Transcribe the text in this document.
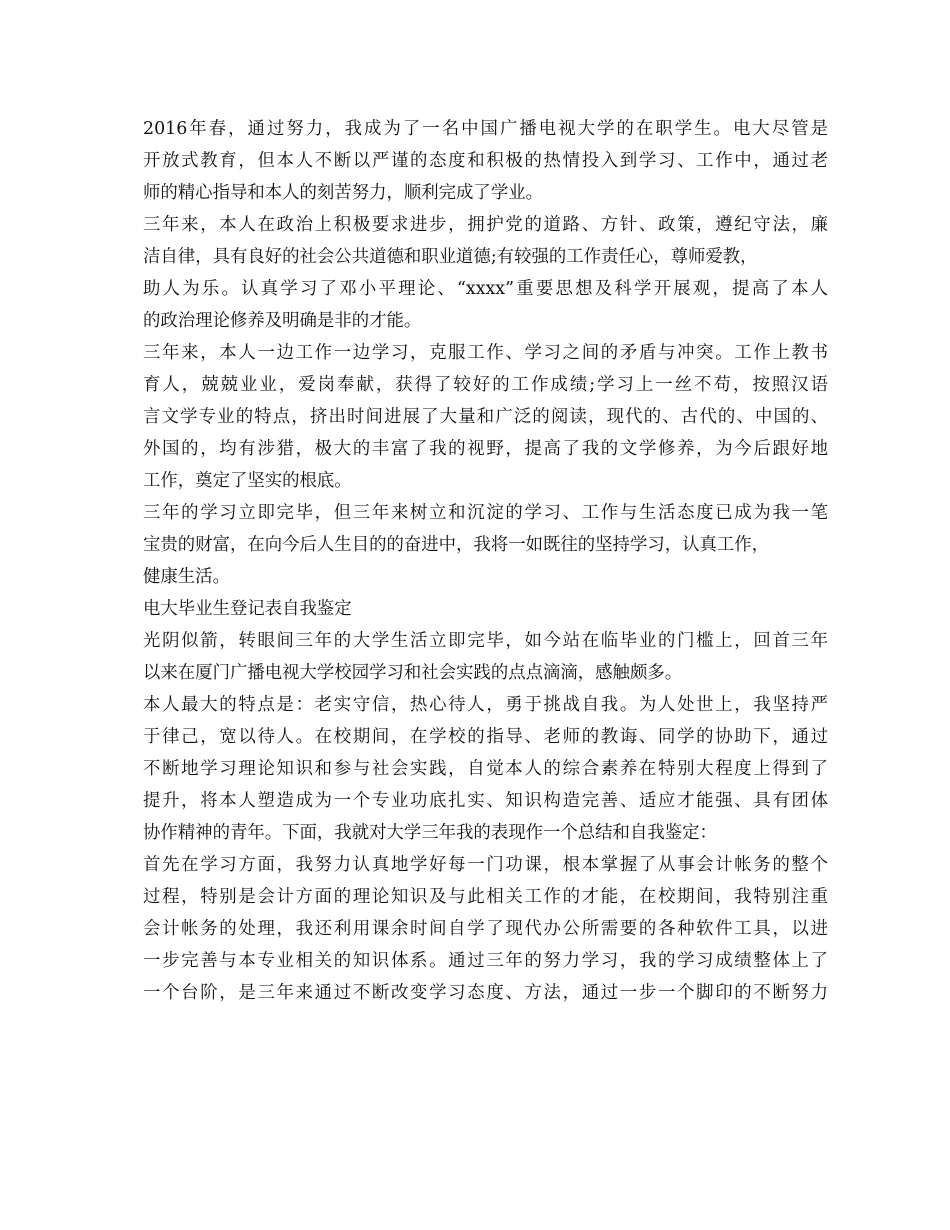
2016年春，通过努力，我成为了一名中国广播电视大学的在职学生。电大尽管是
开放式教育，但本人不断以严谨的态度和积极的热情投入到学习、工作中，通过老
师的精心指导和本人的刻苦努力，顺利完成了学业。
三年来，本人在政治上积极要求进步，拥护党的道路、方针、政策，遵纪守法，廉
洁自律，具有良好的社会公共道德和职业道德;有较强的工作责任心，尊师爱教，
助人为乐。认真学习了邓小平理论、“xxxx”重要思想及科学开展观，提高了本人
的政治理论修养及明确是非的才能。
三年来，本人一边工作一边学习，克服工作、学习之间的矛盾与冲突。工作上教书
育人，兢兢业业，爱岗奉献，获得了较好的工作成绩;学习上一丝不苟，按照汉语
言文学专业的特点，挤出时间进展了大量和广泛的阅读，现代的、古代的、中国的、
外国的，均有涉猎，极大的丰富了我的视野，提高了我的文学修养，为今后跟好地
工作，奠定了坚实的根底。
三年的学习立即完毕，但三年来树立和沉淀的学习、工作与生活态度已成为我一笔
宝贵的财富，在向今后人生目的的奋进中，我将一如既往的坚持学习，认真工作，
健康生活。
电大毕业生登记表自我鉴定
光阴似箭，转眼间三年的大学生活立即完毕，如今站在临毕业的门槛上，回首三年
以来在厦门广播电视大学校园学习和社会实践的点点滴滴，感触颇多。
本人最大的特点是：老实守信，热心待人，勇于挑战自我。为人处世上，我坚持严
于律己，宽以待人。在校期间，在学校的指导、老师的教诲、同学的协助下，通过
不断地学习理论知识和参与社会实践，自觉本人的综合素养在特别大程度上得到了
提升，将本人塑造成为一个专业功底扎实、知识构造完善、适应才能强、具有团体
协作精神的青年。下面，我就对大学三年我的表现作一个总结和自我鉴定：
首先在学习方面，我努力认真地学好每一门功课，根本掌握了从事会计帐务的整个
过程，特别是会计方面的理论知识及与此相关工作的才能，在校期间，我特别注重
会计帐务的处理，我还利用课余时间自学了现代办公所需要的各种软件工具，以进
一步完善与本专业相关的知识体系。通过三年的努力学习，我的学习成绩整体上了
一个台阶，是三年来通过不断改变学习态度、方法，通过一步一个脚印的不断努力
